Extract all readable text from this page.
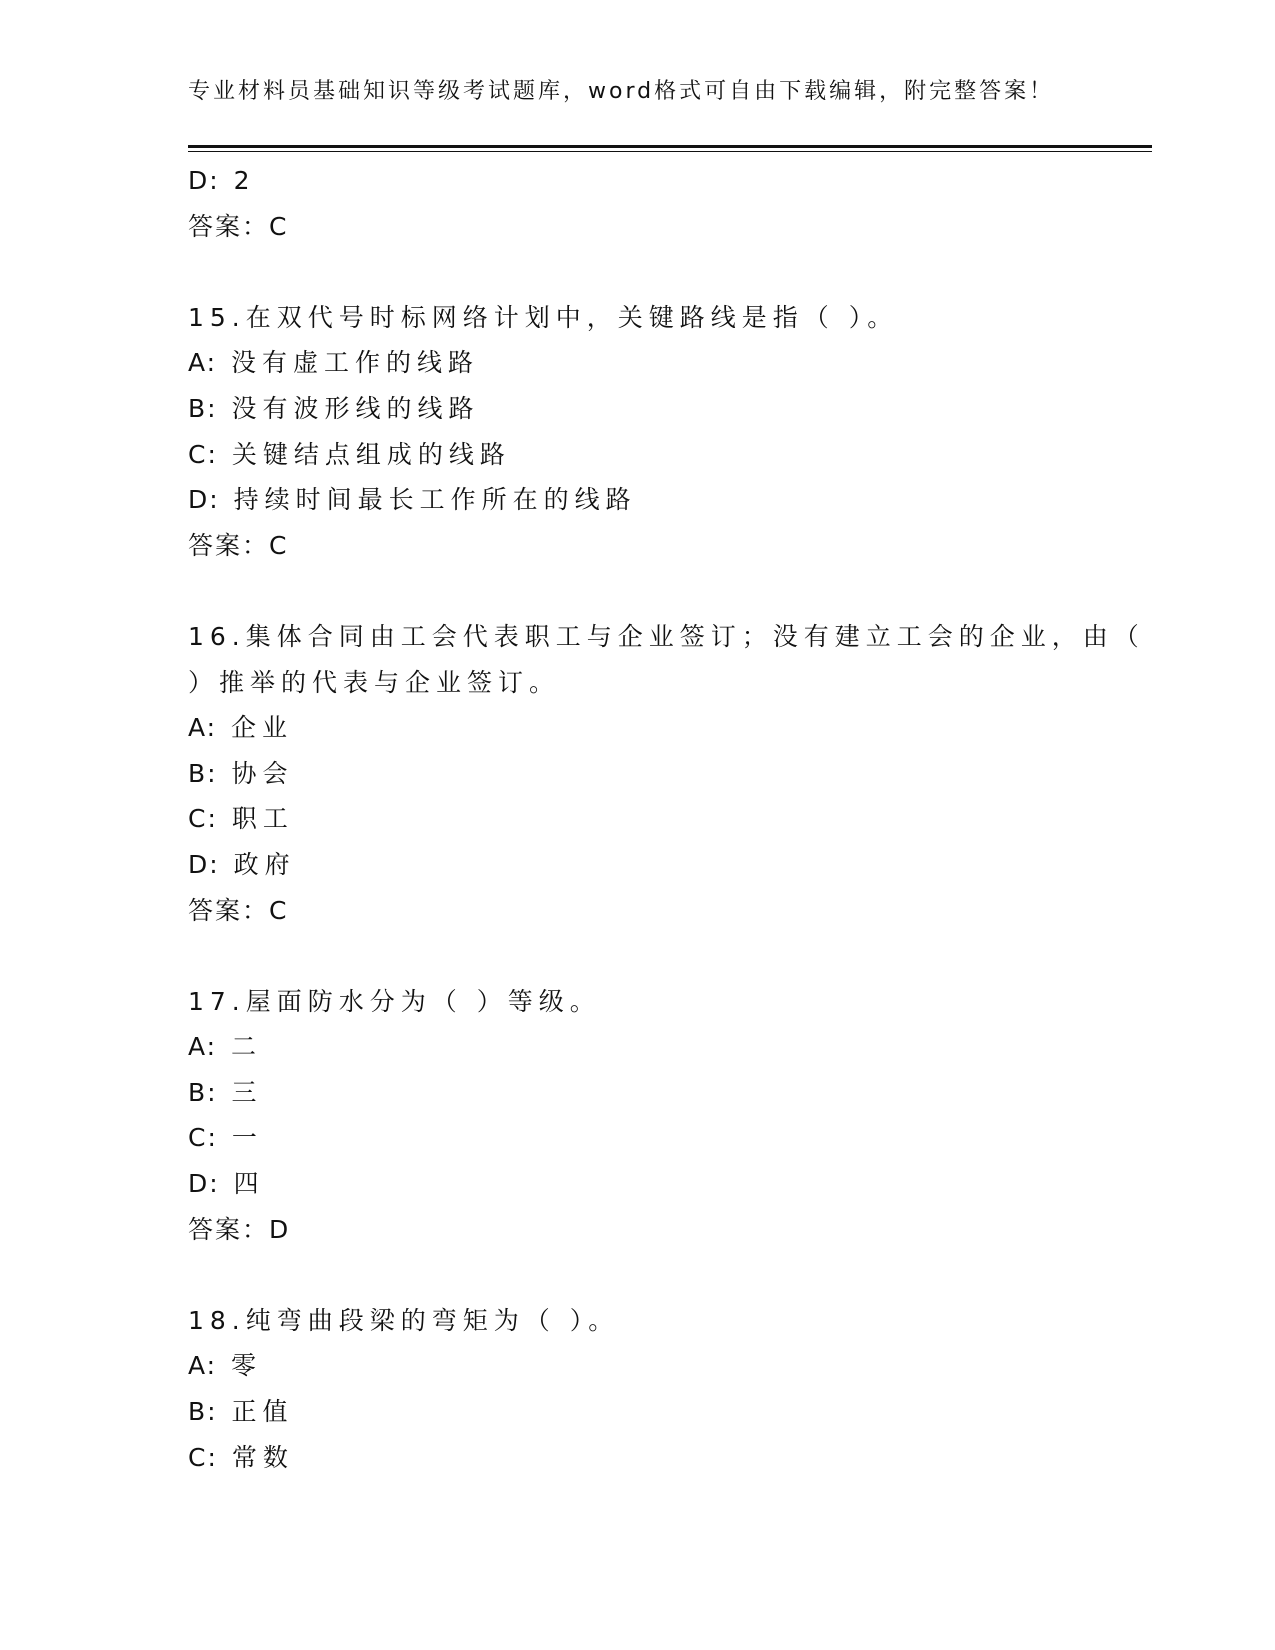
专业材料员基础知识等级考试题库，word格式可自由下载编辑，附完整答案！
D: 2
答案：C
15.在双代号时标网络计划中，关键路线是指（ ）。
A: 没有虚工作的线路
B: 没有波形线的线路
C: 关键结点组成的线路
D: 持续时间最长工作所在的线路
答案：C
16.集体合同由工会代表职工与企业签订；没有建立工会的企业，由（
）推举的代表与企业签订。
A: 企业
B: 协会
C: 职工
D: 政府
答案：C
17.屋面防水分为（ ）等级。
A: 二
B: 三
C: 一
D: 四
答案：D
18.纯弯曲段梁的弯矩为（ ）。
A: 零
B: 正值
C: 常数
